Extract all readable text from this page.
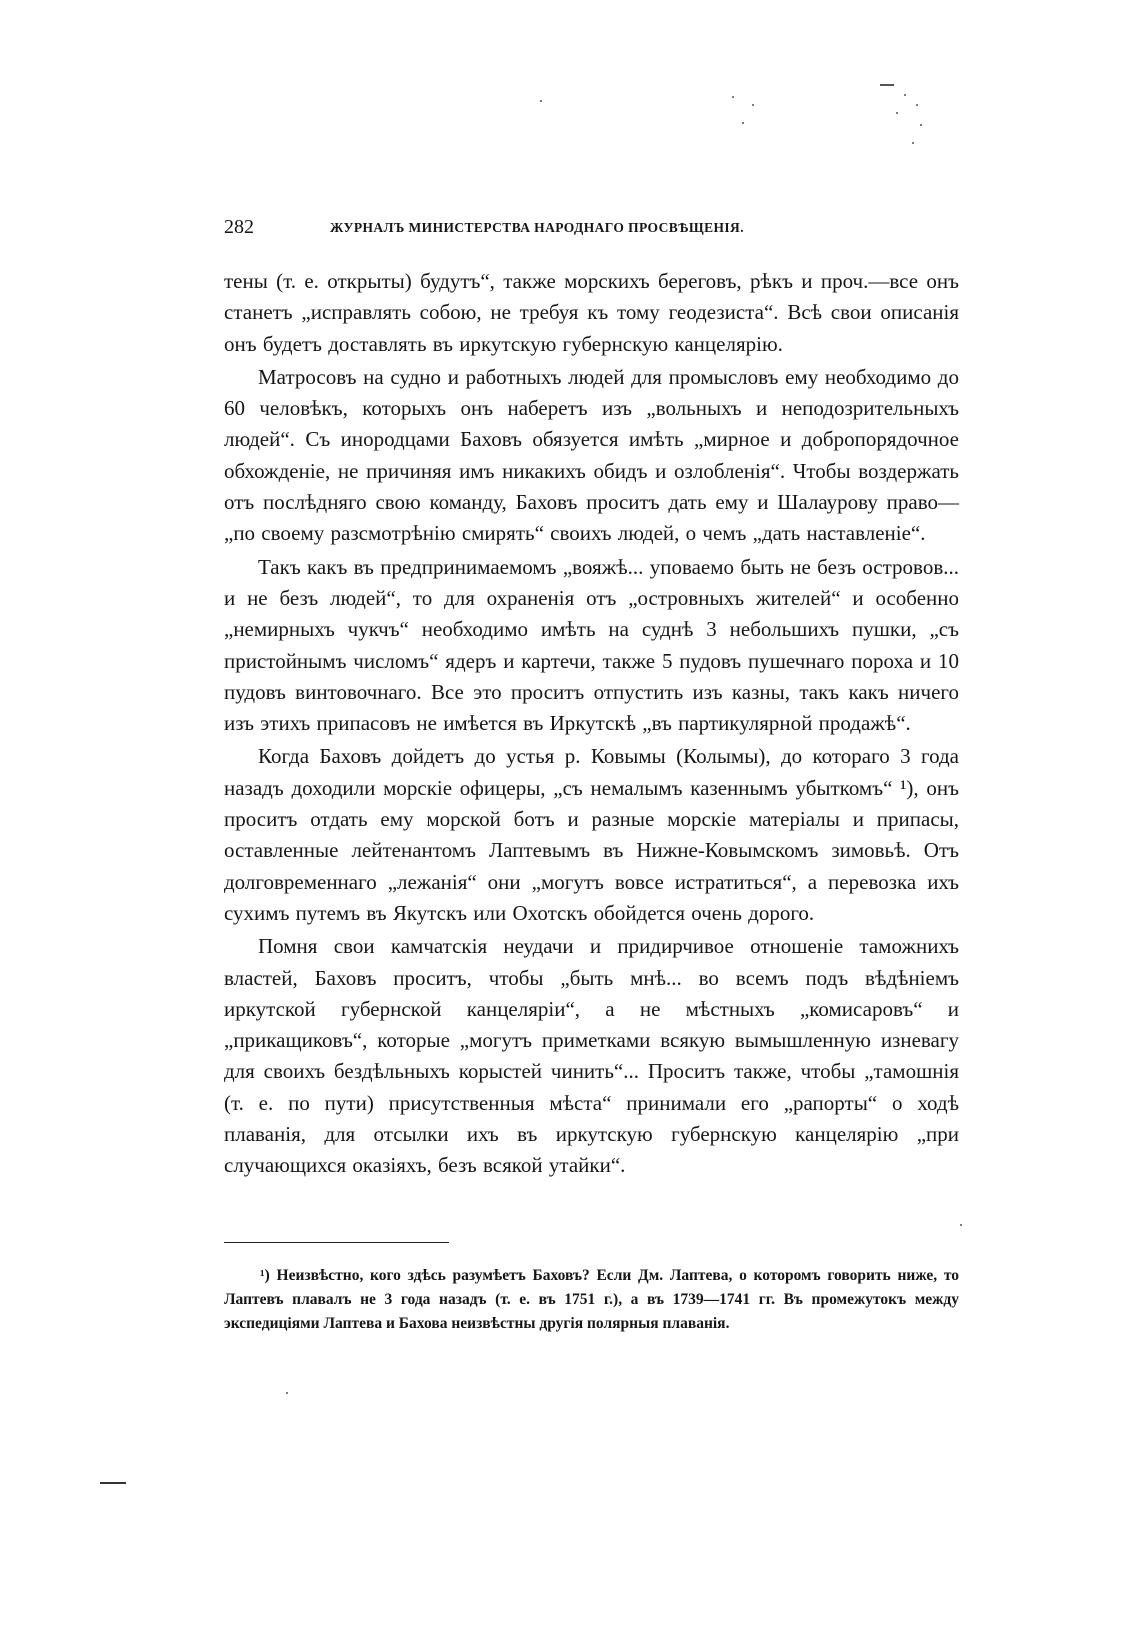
282	ЖУРНАЛЪ МИНИСТЕРСТВА НАРОДНАГО ПРОСВѢЩЕНІЯ.

тены (т. е. открыты) будутъ“, также морскихъ береговъ, рѣкъ и проч.—все онъ станетъ „исправлять собою, не требуя къ тому геодезиста“. Всѣ свои описанія онъ будетъ доставлять въ иркутскую губернскую канцелярію.

Матросовъ на судно и работныхъ людей для промысловъ ему необходимо до 60 человѣкъ, которыхъ онъ наберетъ изъ „вольныхъ и неподозрительныхъ людей“. Съ инородцами Баховъ обязуется имѣть „мирное и добропорядочное обхожденіе, не причиняя имъ никакихъ обидъ и озлобленія“. Чтобы воздержать отъ послѣдняго свою команду, Баховъ проситъ дать ему и Шалаурову право—„по своему разсмотрѣнію смирять“ своихъ людей, о чемъ „дать наставленіе“.

Такъ какъ въ предпринимаемомъ „вояжѣ... уповаемо быть не безъ островов... и не безъ людей“, то для охраненія отъ „островныхъ жителей“ и особенно „немирныхъ чукчъ“ необходимо имѣть на суднѣ 3 небольшихъ пушки, „съ пристойнымъ числомъ“ ядеръ и картечи, также 5 пудовъ пушечнаго пороха и 10 пудовъ винтовочнаго. Все это проситъ отпустить изъ казны, такъ какъ ничего изъ этихъ припасовъ не имѣется въ Иркутскѣ „въ партикулярной продажѣ“.

Когда Баховъ дойдетъ до устья р. Ковымы (Колымы), до котораго 3 года назадъ доходили морскіе офицеры, „съ немалымъ казеннымъ убыткомъ“ ¹), онъ проситъ отдать ему морской ботъ и разные морскіе матеріалы и припасы, оставленные лейтенантомъ Лаптевымъ въ Нижне-Ковымскомъ зимовьѣ. Отъ долговременнаго „лежанія“ они „могутъ вовсе истратиться“, а перевозка ихъ сухимъ путемъ въ Якутскъ или Охотскъ обойдется очень дорого.

Помня свои камчатскія неудачи и придирчивое отношеніе таможнихъ властей, Баховъ проситъ, чтобы „быть мнѣ... во всемъ подъ вѣдѣніемъ иркутской губернской канцеляріи“, а не мѣстныхъ „комисаровъ“ и „прикащиковъ“, которые „могутъ приметками всякую вымышленную изневагу для своихъ бездѣльныхъ корыстей чинить“... Проситъ также, чтобы „тамошнія (т. е. по пути) присутственныя мѣста“ принимали его „рапорты“ о ходѣ плаванія, для отсылки ихъ въ иркутскую губернскую канцелярію „при случающихся оказіяхъ, безъ всякой утайки“.

¹) Неизвѣстно, кого здѣсь разумѣетъ Баховъ? Если Дм. Лаптева, о которомъ говорить ниже, то Лаптевъ плавалъ не 3 года назадъ (т. е. въ 1751 г.), а въ 1739—1741 гг. Въ промежутокъ между экспедиціями Лаптева и Бахова неизвѣстны другія полярныя плаванія.
